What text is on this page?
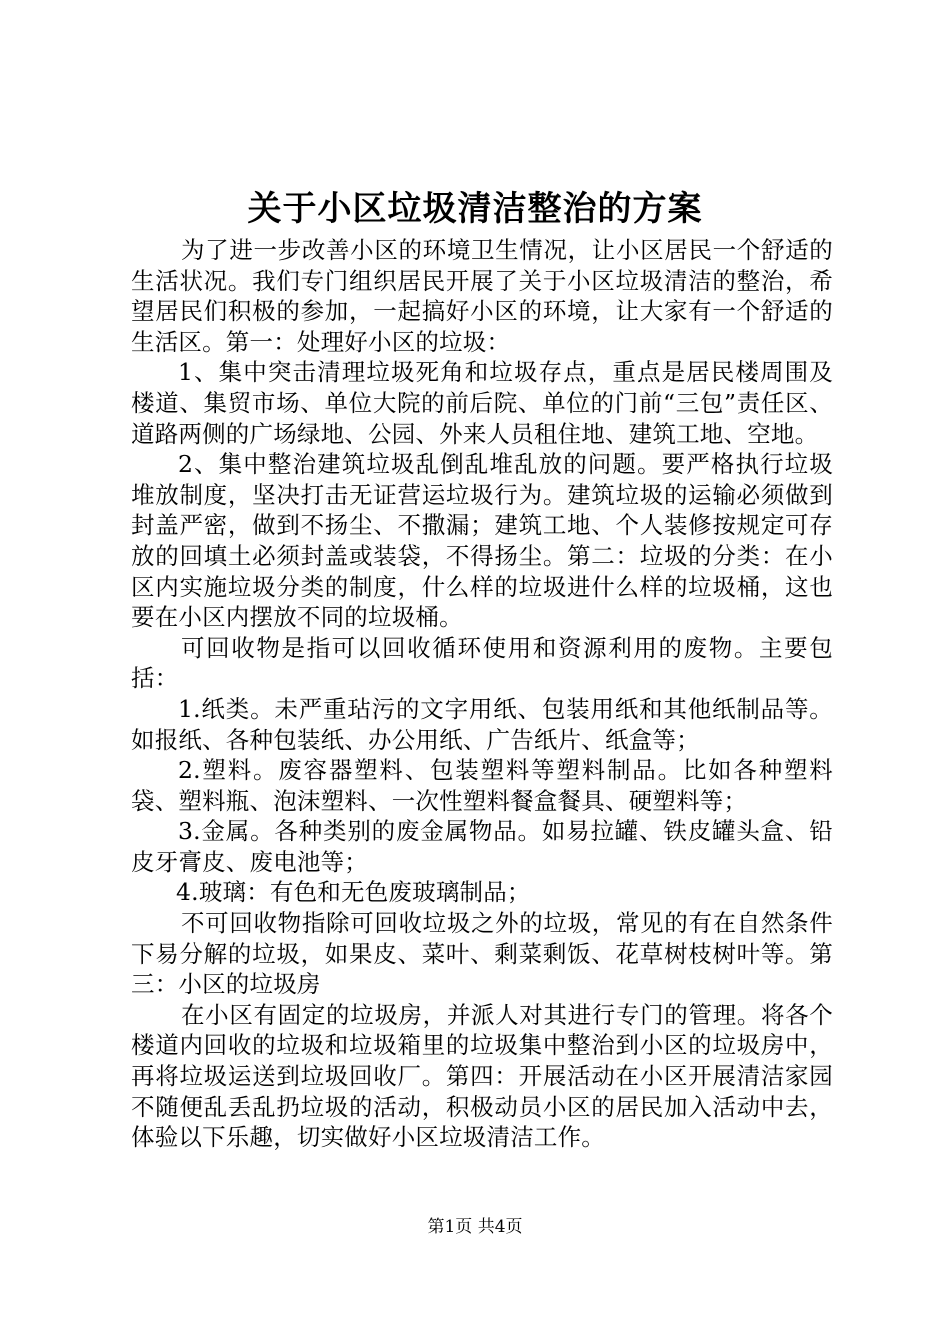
关于小区垃圾清洁整治的方案

为了进一步改善小区的环境卫生情况，让小区居民一个舒适的生活状况。我们专门组织居民开展了关于小区垃圾清洁的整治，希望居民们积极的参加，一起搞好小区的环境，让大家有一个舒适的生活区。第一：处理好小区的垃圾：

1、集中突击清理垃圾死角和垃圾存点，重点是居民楼周围及楼道、集贸市场、单位大院的前后院、单位的门前“三包”责任区、道路两侧的广场绿地、公园、外来人员租住地、建筑工地、空地。

2、集中整治建筑垃圾乱倒乱堆乱放的问题。要严格执行垃圾堆放制度，坚决打击无证营运垃圾行为。建筑垃圾的运输必须做到封盖严密，做到不扬尘、不撒漏；建筑工地、个人装修按规定可存放的回填土必须封盖或装袋，不得扬尘。第二：垃圾的分类：在小区内实施垃圾分类的制度，什么样的垃圾进什么样的垃圾桶，这也要在小区内摆放不同的垃圾桶。

可回收物是指可以回收循环使用和资源利用的废物。主要包括：

1.纸类。未严重玷污的文字用纸、包装用纸和其他纸制品等。如报纸、各种包装纸、办公用纸、广告纸片、纸盒等；

2.塑料。废容器塑料、包装塑料等塑料制品。比如各种塑料袋、塑料瓶、泡沫塑料、一次性塑料餐盒餐具、硬塑料等；

3.金属。各种类别的废金属物品。如易拉罐、铁皮罐头盒、铅皮牙膏皮、废电池等；

4.玻璃：有色和无色废玻璃制品；

不可回收物指除可回收垃圾之外的垃圾，常见的有在自然条件下易分解的垃圾，如果皮、菜叶、剩菜剩饭、花草树枝树叶等。第三：小区的垃圾房

在小区有固定的垃圾房，并派人对其进行专门的管理。将各个楼道内回收的垃圾和垃圾箱里的垃圾集中整治到小区的垃圾房中，再将垃圾运送到垃圾回收厂。第四：开展活动在小区开展清洁家园不随便乱丢乱扔垃圾的活动，积极动员小区的居民加入活动中去，体验以下乐趣，切实做好小区垃圾清洁工作。

第1页 共4页
